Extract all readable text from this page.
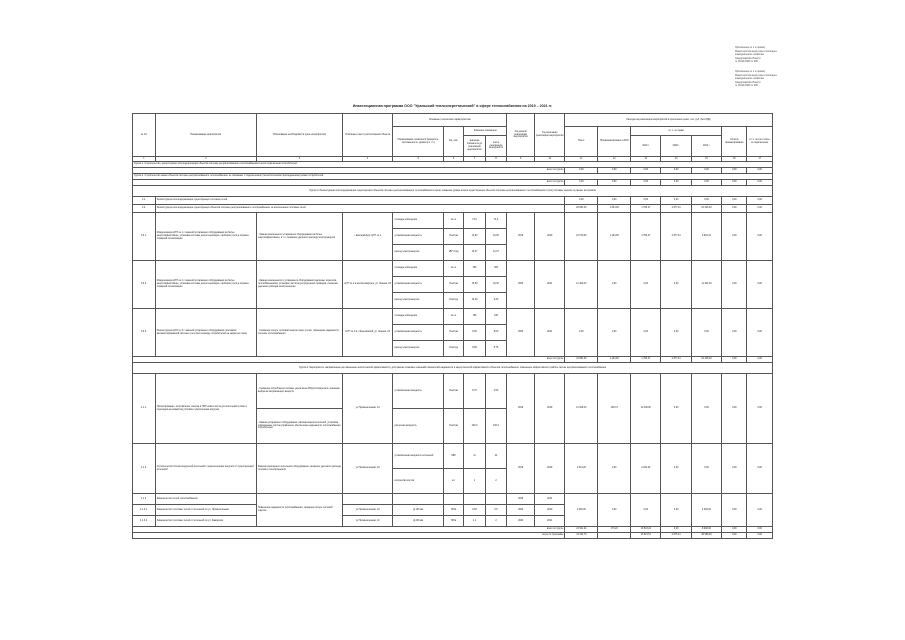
Приложение № 1 к приказу
Министерства энергетики и жилищно-
коммунального хозяйства
Свердловской области
от 00.00.0000 № 000
Приложение № 1 к приказу
Министерства энергетики и жилищно-
коммунального хозяйства
Свердловской области
от 00.00.0000 № 000
Инвестиционная программа ООО "Уральский теплоэнергетический" в сфере теплоснабжения на 2019 – 2021 гг.
№ п/п	Наименование мероприятия	Обоснование необходимости (цель мероприятия)	Описание и место расположения объекта	Основные технические характеристики				Год начала реализации мероприятия	Год окончания реализации мероприятия	Расходы на реализацию мероприятий в прогнозных ценах, тыс. руб. (без НДС)						
				Наименование показателя (мощность, протяженность, диаметр и т.п.)	Ед. изм.	Значение показателя				Всего	Профинансировано к 2019	в т.ч. по годам			Остаток финансирования	в т.ч. за счет платы за подключение
						значение показателя до реализации мероприятия	после реализации мероприятия					2019 г.	2020 г.	2021 г.		
1	2	3	4	5	6	7	8	9	10	11	12	13	14	15	16	17
Группа 1. Строительство, реконструкция или модернизация объектов системы централизованного теплоснабжения в целях подключения потребителей:																
всего по группе										0,00	0,00	0,00	0,00	0,00	0,00	0,00
Группа 2. Строительство новых объектов системы централизованного теплоснабжения, не связанных с подключением (технологическим присоединением) новых потребителей:																
всего по группе										0,00	0,00	0,00	0,00	0,00	0,00	0,00
Группа 3. Реконструкция или модернизация существующих объектов системы централизованного теплоснабжения в целях снижения уровня износа существующих объектов системы централизованного теплоснабжения и (или) поставки энергии из разных источников																
3.1.	Реконструкция или модернизация существующих тепловых сетей									0,00	0,00	0,00	0,00	0,00	0,00	0,00
3.2.	Реконструкция или модернизация существующих объектов системы централизованного теплоснабжения, за исключением тепловых сетей									20 881,46	1 664,83	1 708,47	4 877,21	22 225,46	0,00	0,00
3.2.1.	Модернизация ЦТП № 1 с заменой устаревшего оборудования на более энергоэффективное, установка системы диспетчеризации, приборов учета и охранно-пожарной сигнализации	- Замена изношенного устаревшего оборудования на более энергоэффективное, в т.ч. снижение удельного расхода электроэнергии	г. Екатеринбург, ЦТП № 1	площадь помещения	кв. м	74,6	74,6	2019	2020	10 579,46	1 164,83	1 708,47	4 877,21	9 991,31	0,00	0,00
				установленная мощность	Гкал/час	10,80	10,00									
				расход электроэнергии	кВт*ч/год	13,47	12,07									
3.2.2.	Модернизация ЦТП № 2 с заменой устаревшего оборудования на более энергоэффективное, установка системы диспетчеризации, приборов учета и охранно-пожарной сигнализации	- Замена изношенного и устаревшего оборудования (насосных агрегатов, теплообменников), установка частотно-регулируемых приводов, снижение удельного расхода электроэнергии	ЦТП № 2 в жилом квартале, ул. Ленина, 23	площадь помещения	кв. м	305	305	2020	2021	11 302,00	0,00	0,00	0,00	11 302,00	0,00	0,00
				установленная мощность	Гкал/час	16,50	16,30									
				расход электроэнергии	Гкал/год	19,20	9,30									
3.2.3.	Реконструкция ЦТП № 3 с заменой устаревшего оборудования, монтажом автоматизированной системы учета при переводе потребителей на закрытую схему	- Снижение потерь тепловой энергии через утечки, повышение надежности системы теплоснабжения	ЦТП № 3 в г. Березовский, ул. Ленина, 23	площадь помещения	кв. м	196	196	2020	2021	0,00	0,00	0,00	0,00	0,00	0,00	0,00
				установленная мощность	Гкал/час	8,00	8,00									
				расход электроэнергии	Гкал/год	9,80	8,75									
всего по группе										21 881,46	1 164,83	1 708,47	4 877,21	22 225,46	0,00	0,00
Группа 4. Мероприятия, направленные на повышение экологической эффективности, достижение плановых значений показателей надежности и энергетической эффективности объектов теплоснабжения, повышение эффективности работы систем централизованного теплоснабжения																
4.1.1.	Проектирование, изготовление, монтаж и ПНР нового котла для котельной в связи с переходом на новый вид топлива и увеличением нагрузки	- Снижение потребления топлива, увеличение КПД котлоагрегата, снижение выбросов загрязняющих веществ	ул.Промышленная, 10	установленная мощность	Гкал/час	8,70	2,50	2019	2019	11 000,00	193,74	11 000,00	0,00	0,00	0,00	0,00
		- Замена устаревшего оборудования, автоматизация котельной, установка современных систем управления, обеспечение надежности теплоснабжения потребителей		расчетная мощность	Гкал/час	100,0	100,0									
4.1.2.	Строительство блочно-модульной котельной с переключением нагрузок от существующей котельной	Замена изношенного котельного оборудования, снижение удельного расхода топлива и электроэнергии	ул.Промышленная, 10	установленная мощность котельной	МВт	11	22	2019	2019	1 513,26	0,00	2 243,24	0,00	0,00	0,00	0,00
				количество котлов	шт.	1	2									
4.1.3.	Замена ветхих сетей теплоснабжения	Повышение надежности теплоснабжения, снижение потерь тепловой энергии						2020	2021	4 000,00	0,00	0,00	0,00	4 000,00	0,00	0,00
4.1.3.1.	Замена ветхих тепловых сетей от котельной по ул. Промышленная		ул.Промышленная, 10	Д 150 мм	МПа	0,60	0,6	2020	2020							
4.1.3.2.	Замена ветхих тепловых сетей от котельной по ул. Заводская		ул.Промышленная, 10	Д 200 мм	МПа	1,1	2	2020	2021							
всего по группе										21 541,24	173,24	13 543,24	0,00	8 000,00	0,00	0,00
всего по программе										41 422,70		15 615,51	4 875,21	28 598,46	0,00	0,00
